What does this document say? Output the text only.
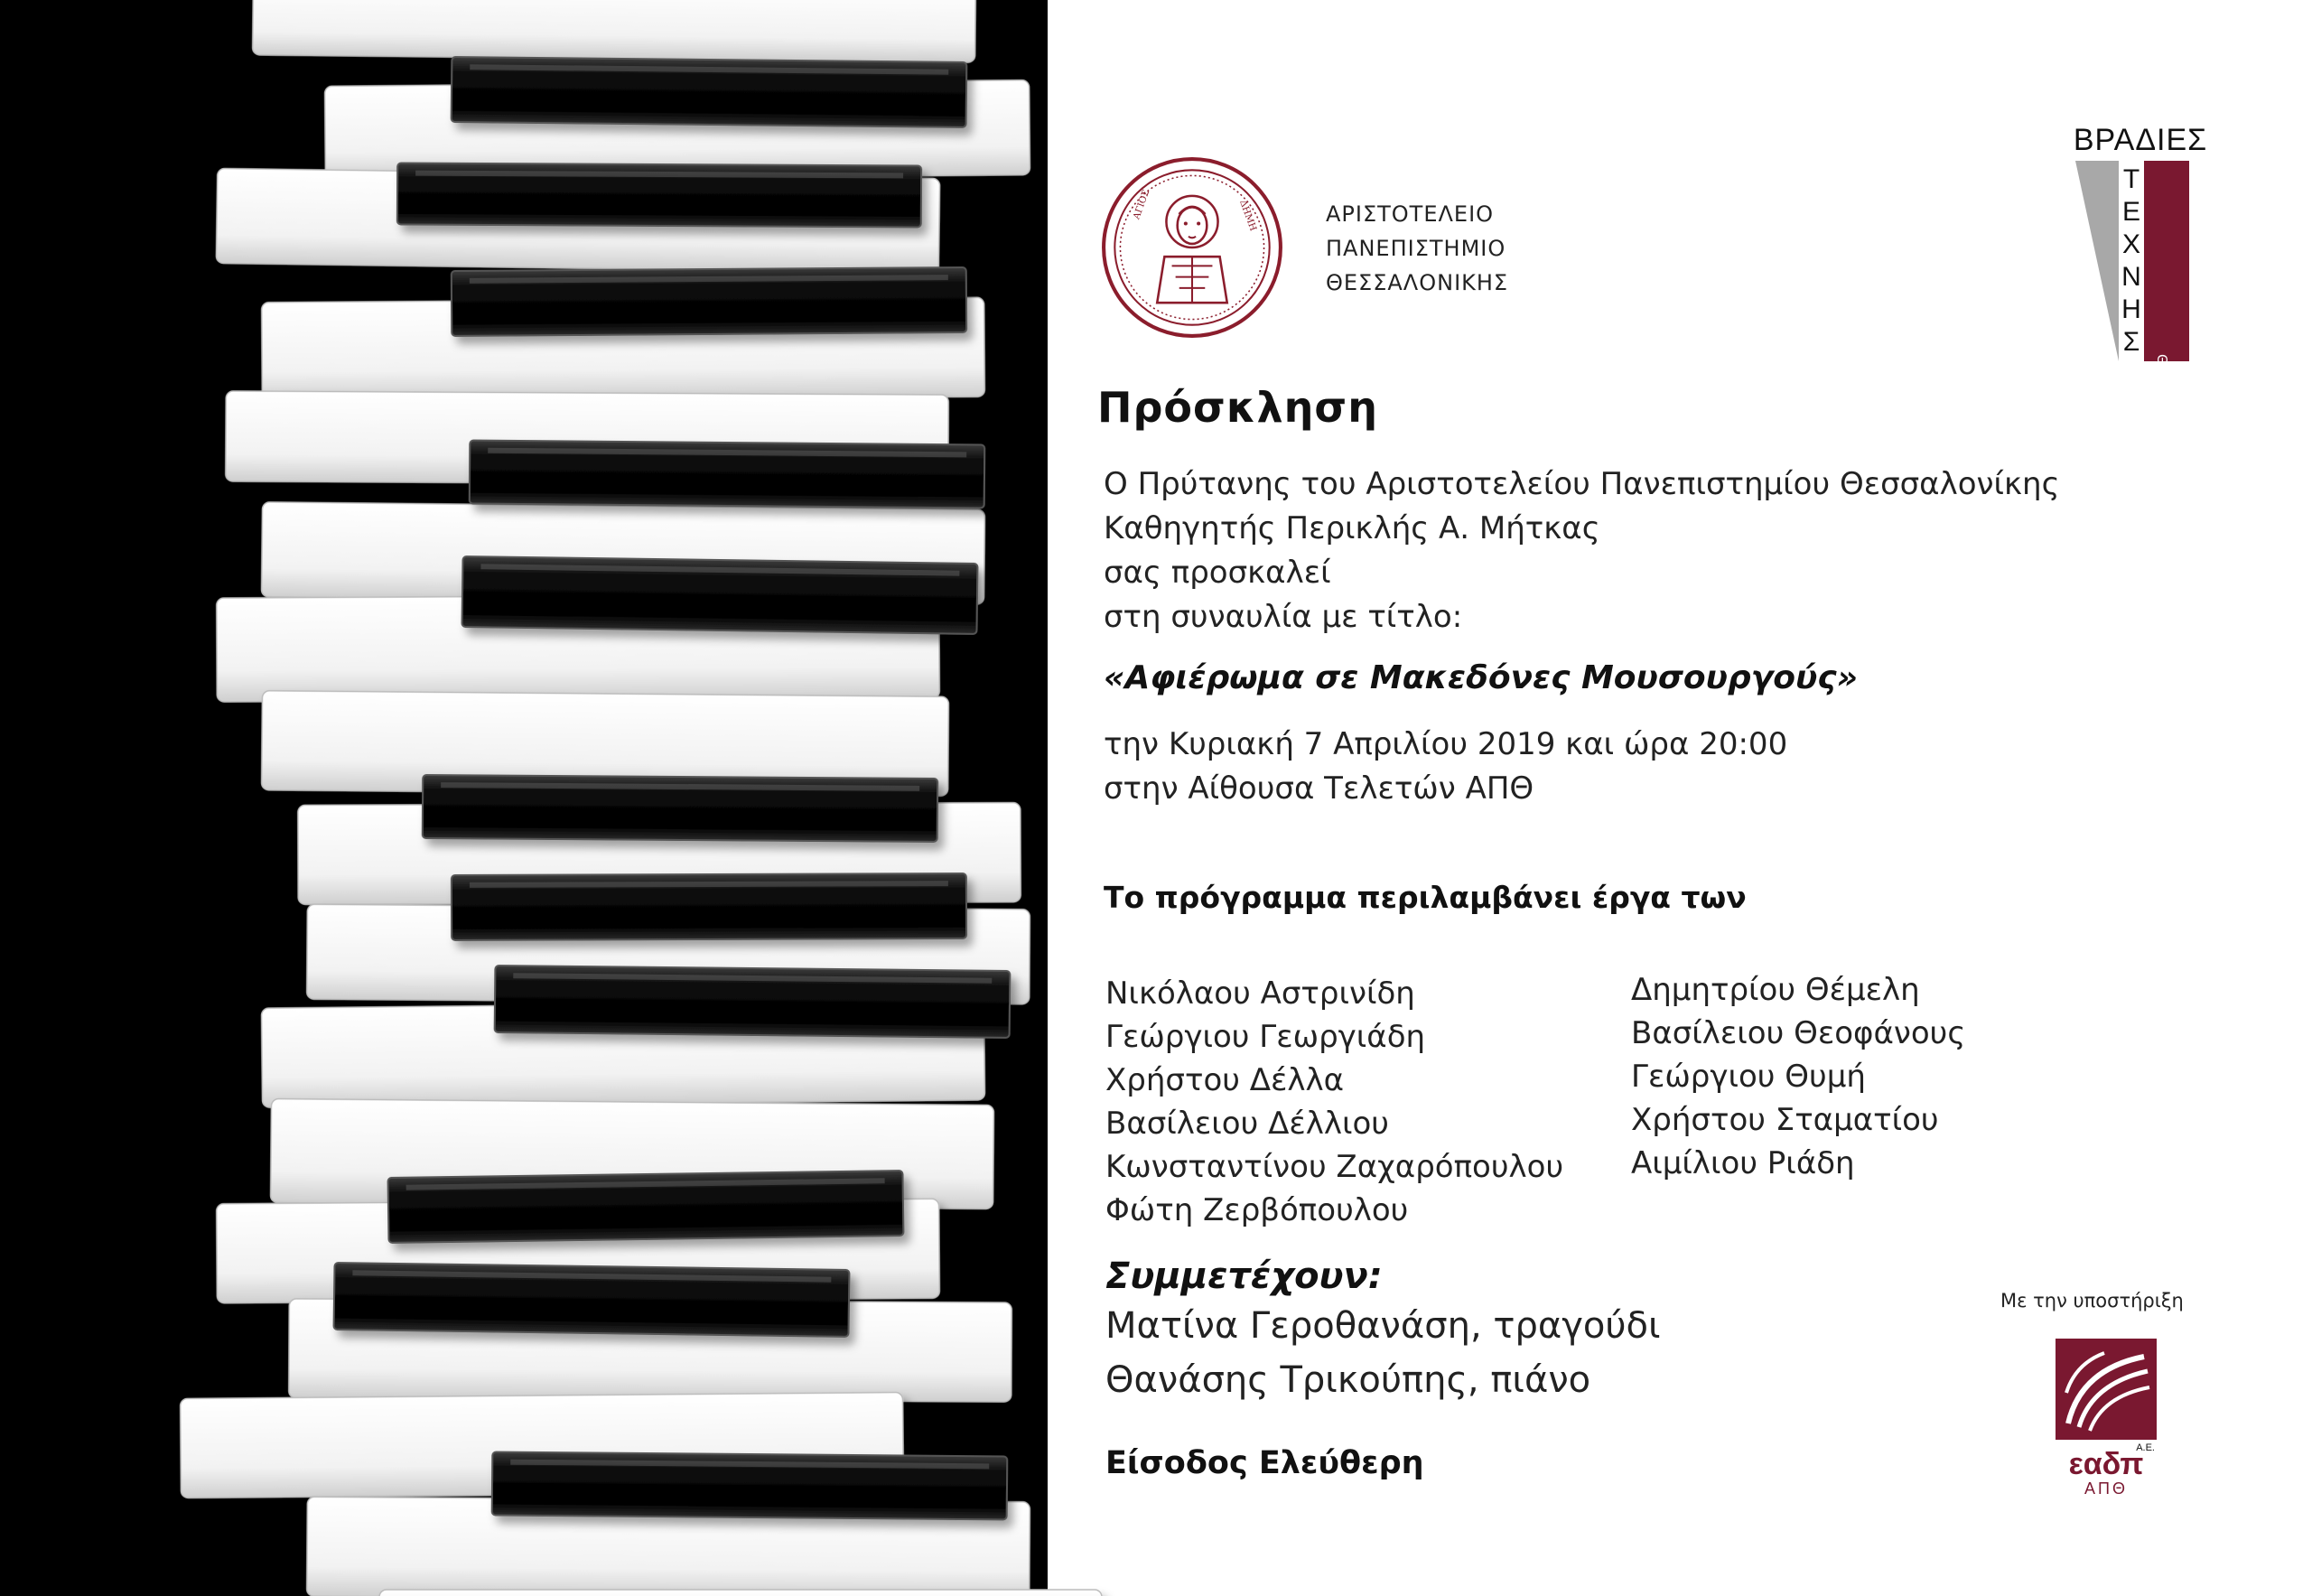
ΑΓΙΟΣ	ΔΗΜΗ	ΑΡΙΣΤΟΤΕΛΕΙΟ
ΠΑΝΕΠΙΣΤΗΜΙΟ
ΘΕΣΣΑΛΟΝΙΚΗΣ
ΒΡΑΔΙΕΣ
Τ
Ε
Χ
Ν
Η
Σ
ΣΤΟ ΑΠΘ
Πρόσκληση
Ο Πρύτανης του Αριστοτελείου Πανεπιστημίου Θεσσαλονίκης
Καθηγητής Περικλής Α. Μήτκας
σας προσκαλεί
στη συναυλία με τίτλο:
«Αφιέρωμα σε Μακεδόνες Μουσουργούς»
την Κυριακή 7 Απριλίου 2019 και ώρα 20:00
στην Αίθουσα Τελετών ΑΠΘ
Το πρόγραμμα περιλαμβάνει έργα των
Νικόλαου Αστρινίδη
Γεώργιου Γεωργιάδη
Χρήστου Δέλλα
Βασίλειου Δέλλιου
Κωνσταντίνου Ζαχαρόπουλου
Φώτη Ζερβόπουλου
Δημητρίου Θέμελη
Βασίλειου Θεοφάνους
Γεώργιου Θυμή
Χρήστου Σταματίου
Αιμίλιου Ριάδη
Συμμετέχουν:
Ματίνα Γεροθανάση, τραγούδι
Θανάσης Τρικούπης, πιάνο
Είσοδος Ελεύθερη
Με την υποστήριξη
Α.Ε.
εαδπ
ΑΠΘ
